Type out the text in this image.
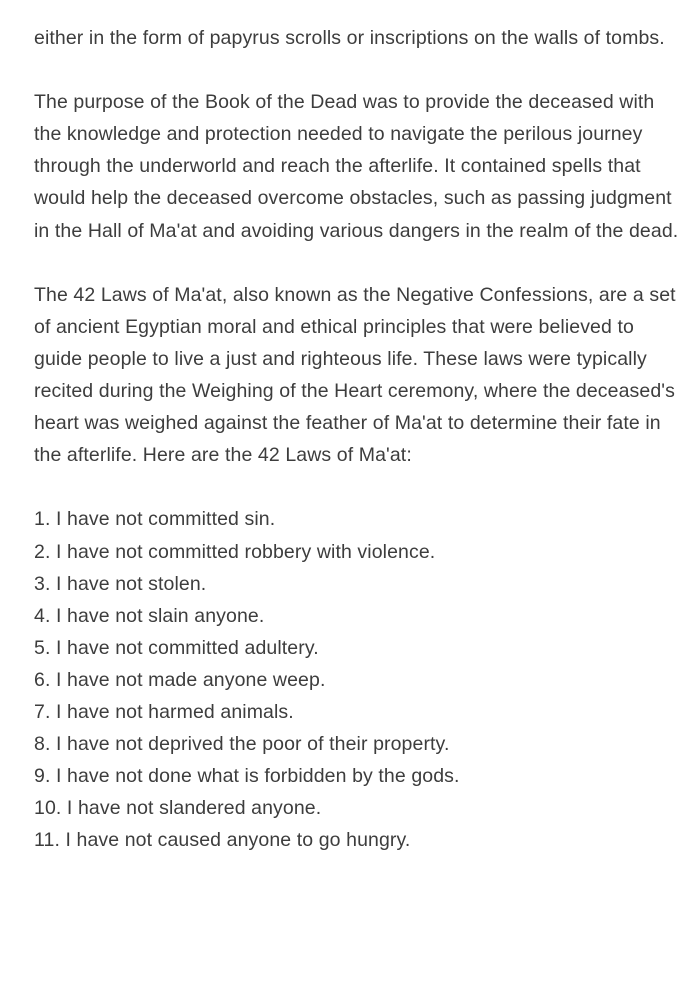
either in the form of papyrus scrolls or inscriptions on the walls of tombs.

The purpose of the Book of the Dead was to provide the deceased with the knowledge and protection needed to navigate the perilous journey through the underworld and reach the afterlife. It contained spells that would help the deceased overcome obstacles, such as passing judgment in the Hall of Ma'at and avoiding various dangers in the realm of the dead.

The 42 Laws of Ma'at, also known as the Negative Confessions, are a set of ancient Egyptian moral and ethical principles that were believed to guide people to live a just and righteous life. These laws were typically recited during the Weighing of the Heart ceremony, where the deceased's heart was weighed against the feather of Ma'at to determine their fate in the afterlife. Here are the 42 Laws of Ma'at:

1. I have not committed sin.
2. I have not committed robbery with violence.
3. I have not stolen.
4. I have not slain anyone.
5. I have not committed adultery.
6. I have not made anyone weep.
7. I have not harmed animals.
8. I have not deprived the poor of their property.
9. I have not done what is forbidden by the gods.
10. I have not slandered anyone.
11. I have not caused anyone to go hungry.
